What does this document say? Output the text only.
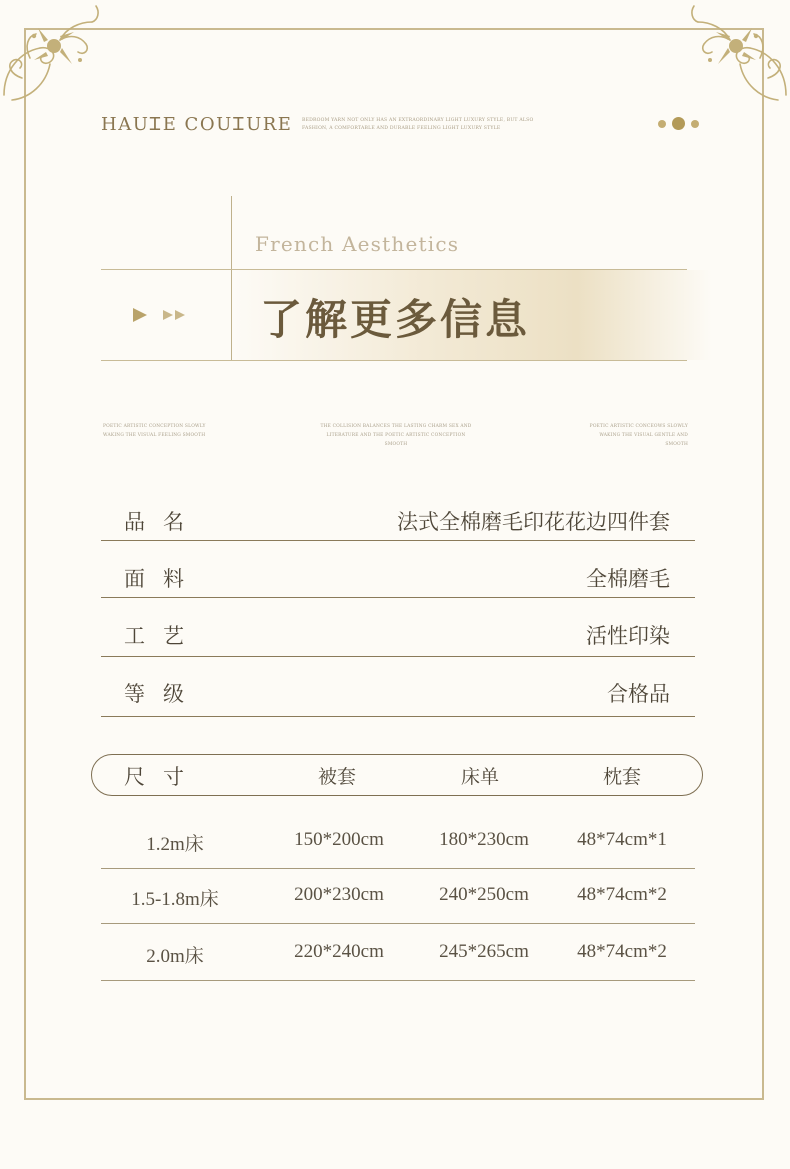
HAUᏆE COUᏆURE BEDROOM YARN NOT ONLY HAS AN EXTRAORDINARY LIGHT LUXURY STYLE, BUT ALSO FASHION, A COMFORTABLE AND DURABLE FEELING LIGHT LUXURY STYLE
French Aesthetics
了解更多信息
POETIC ARTISTIC CONCEPTION SLOWLY WAKING THE VISUAL FEELING SMOOTH
THE COLLISION BALANCES THE LASTING CHARM SEX AND LITERATURE AND THE POETIC ARTISTIC CONCEPTION SMOOTH
POETIC ARTISTIC CONCEOWS SLOWLY WAKING THE VISUAL GENTLE AND SMOOTH
品名	法式全棉磨毛印花花边四件套
面料	全棉磨毛
工艺	活性印染
等级	合格品
尺寸	被套	床单	枕套
1.2m床	150*200cm	180*230cm	48*74cm*1
1.5-1.8m床	200*230cm	240*250cm	48*74cm*2
2.0m床	220*240cm	245*265cm	48*74cm*2
